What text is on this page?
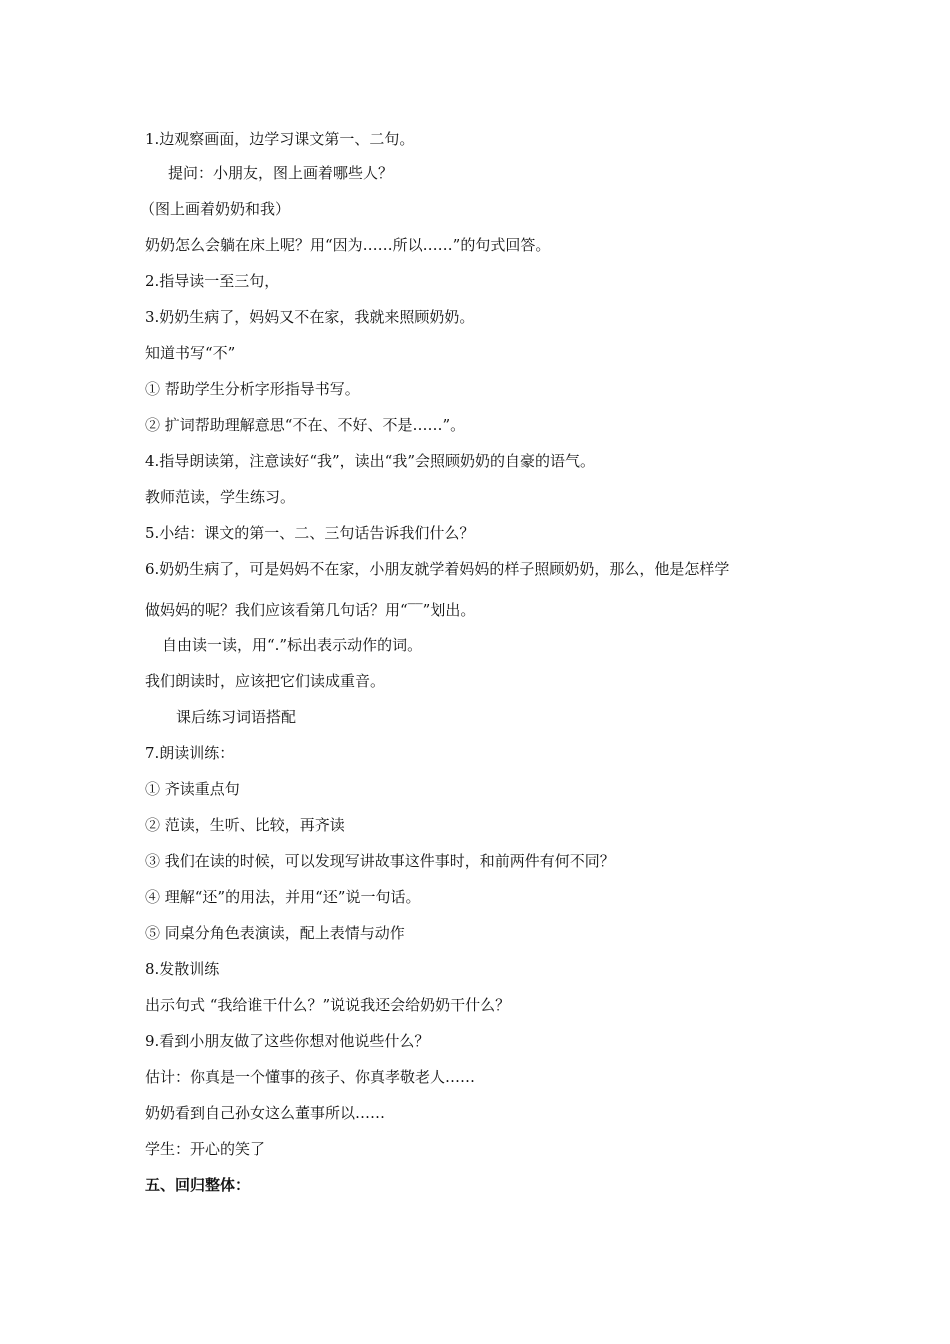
1.边观察画面，边学习课文第一、二句。
提问：小朋友，图上画着哪些人？
（图上画着奶奶和我）
奶奶怎么会躺在床上呢？用“因为……所以……”的句式回答。
2.指导读一至三句，
3.奶奶生病了，妈妈又不在家，我就来照顾奶奶。
知道书写“不”
① 帮助学生分析字形指导书写。
② 扩词帮助理解意思“不在、不好、不是……”。
4.指导朗读第，注意读好“我”，读出“我”会照顾奶奶的自豪的语气。
教师范读，学生练习。
5.小结：课文的第一、二、三句话告诉我们什么？
6.奶奶生病了，可是妈妈不在家，小朋友就学着妈妈的样子照顾奶奶，那么，他是怎样学
做妈妈的呢？我们应该看第几句话？用“‾‾”划出。
自由读一读，用“.”标出表示动作的词。
我们朗读时，应该把它们读成重音。
课后练习词语搭配
7.朗读训练：
① 齐读重点句
② 范读，生听、比较，再齐读
③ 我们在读的时候，可以发现写讲故事这件事时，和前两件有何不同？
④ 理解“还”的用法，并用“还”说一句话。
⑤ 同桌分角色表演读，配上表情与动作
8.发散训练
出示句式 “我给谁干什么？”说说我还会给奶奶干什么？
9.看到小朋友做了这些你想对他说些什么？
估计：你真是一个懂事的孩子、你真孝敬老人……
奶奶看到自己孙女这么董事所以……
学生：开心的笑了
五、回归整体：
